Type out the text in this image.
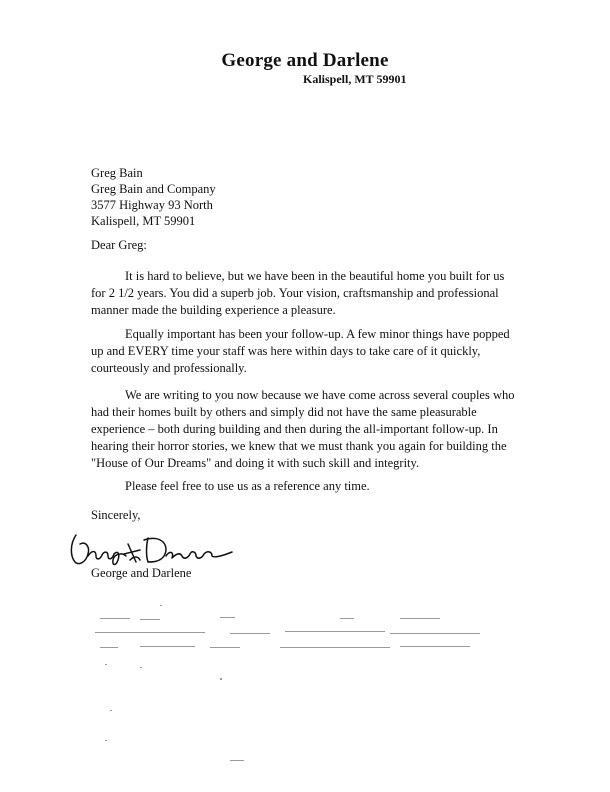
George and Darlene
Kalispell, MT 59901
Greg Bain
Greg Bain and Company
3577 Highway 93 North
Kalispell, MT 59901
Dear Greg:
It is hard to believe, but we have been in the beautiful home you built for us for 2 1/2 years. You did a superb job. Your vision, craftsmanship and professional manner made the building experience a pleasure.
Equally important has been your follow-up. A few minor things have popped up and EVERY time your staff was here within days to take care of it quickly, courteously and professionally.
We are writing to you now because we have come across several couples who had their homes built by others and simply did not have the same pleasurable experience – both during building and then during the all-important follow-up. In hearing their horror stories, we knew that we must thank you again for building the "House of Our Dreams" and doing it with such skill and integrity.
Please feel free to use us as a reference any time.
Sincerely,
George and Darlene
